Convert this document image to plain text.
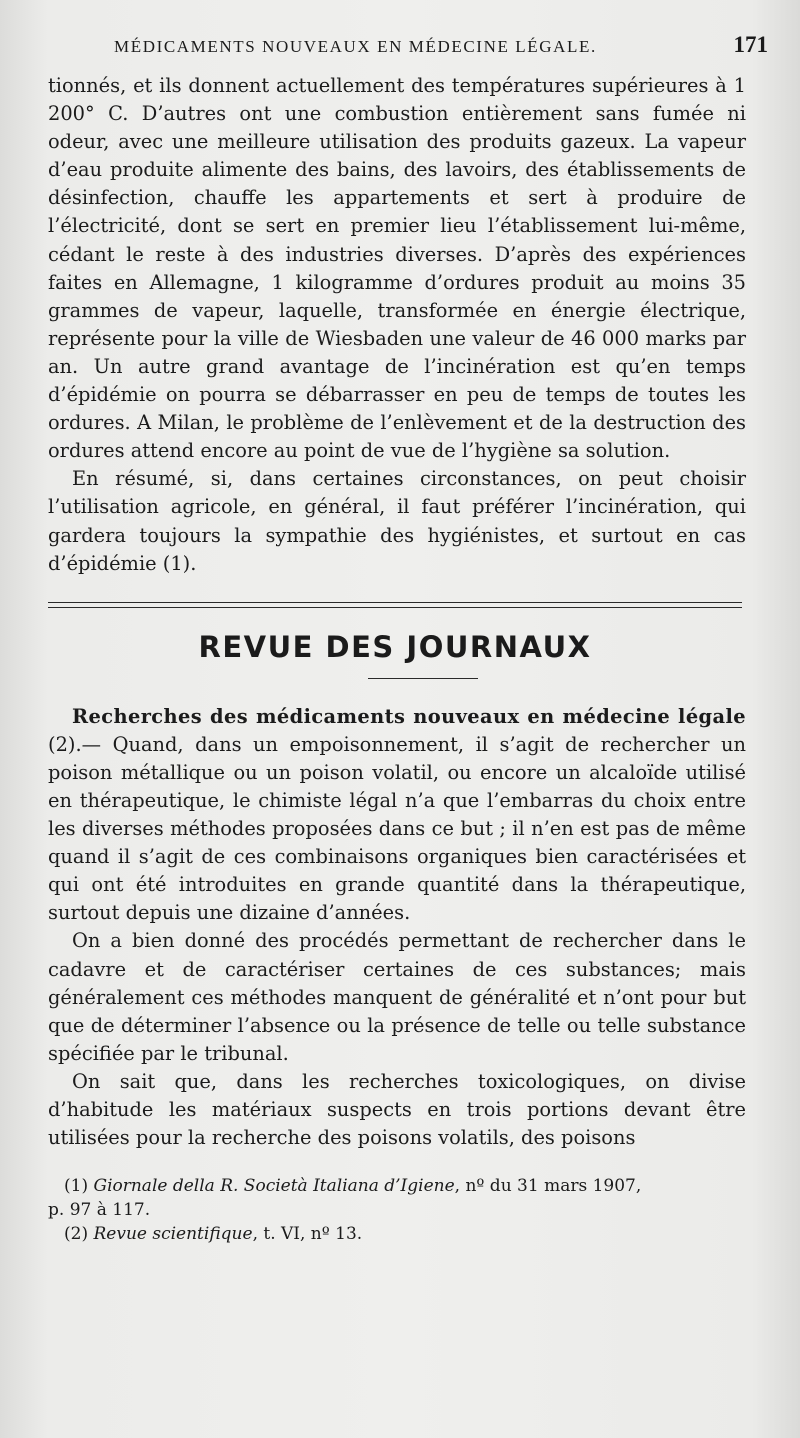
MÉDICAMENTS NOUVEAUX EN MÉDECINE LÉGALE.	171

tionnés, et ils donnent actuellement des températures supérieures à 1 200° C. D’autres ont une combustion entièrement sans fumée ni odeur, avec une meilleure utilisation des produits gazeux. La vapeur d’eau produite alimente des bains, des lavoirs, des établissements de désinfection, chauffe les appartements et sert à produire de l’électricité, dont se sert en premier lieu l’établissement lui-même, cédant le reste à des industries diverses. D’après des expériences faites en Allemagne, 1 kilogramme d’ordures produit au moins 35 grammes de vapeur, laquelle, transformée en énergie électrique, représente pour la ville de Wiesbaden une valeur de 46 000 marks par an. Un autre grand avantage de l’incinération est qu’en temps d’épidémie on pourra se débarrasser en peu de temps de toutes les ordures. A Milan, le problème de l’enlèvement et de la destruction des ordures attend encore au point de vue de l’hygiène sa solution.

En résumé, si, dans certaines circonstances, on peut choisir l’utilisation agricole, en général, il faut préférer l’incinération, qui gardera toujours la sympathie des hygiénistes, et surtout en cas d’épidémie (1).

REVUE DES JOURNAUX

Recherches des médicaments nouveaux en médecine légale (2).— Quand, dans un empoisonnement, il s’agit de rechercher un poison métallique ou un poison volatil, ou encore un alcaloïde utilisé en thérapeutique, le chimiste légal n’a que l’embarras du choix entre les diverses méthodes proposées dans ce but ; il n’en est pas de même quand il s’agit de ces combinaisons organiques bien caractérisées et qui ont été introduites en grande quantité dans la thérapeutique, surtout depuis une dizaine d’années.

On a bien donné des procédés permettant de rechercher dans le cadavre et de caractériser certaines de ces substances; mais généralement ces méthodes manquent de généralité et n’ont pour but que de déterminer l’absence ou la présence de telle ou telle substance spécifiée par le tribunal.

On sait que, dans les recherches toxicologiques, on divise d’habitude les matériaux suspects en trois portions devant être utilisées pour la recherche des poisons volatils, des poisons

(1) Giornale della R. Società Italiana d’Igiene, nº du 31 mars 1907,

p. 97 à 117.

(2) Revue scientifique, t. VI, nº 13.
